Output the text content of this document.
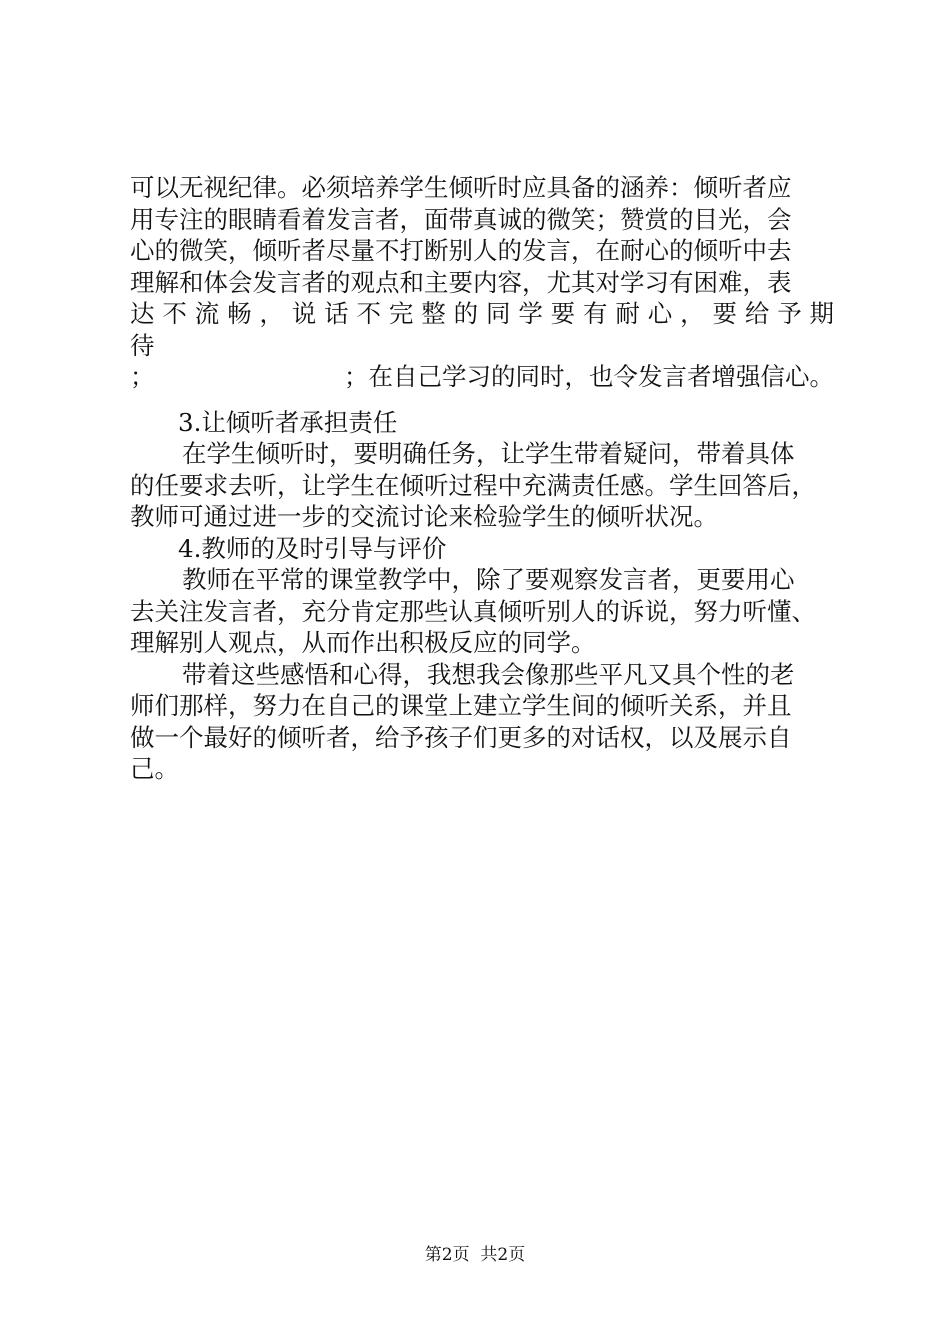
可以无视纪律。必须培养学生倾听时应具备的涵养：倾听者应
用专注的眼睛看着发言者，面带真诚的微笑；赞赏的目光，会
心的微笑，倾听者尽量不打断别人的发言，在耐心的倾听中去
理解和体会发言者的观点和主要内容，尤其对学习有困难，表
达 不 流 畅 ， 说 话 不 完 整 的 同 学 要 有 耐 心 ， 要 给 予 期 待
；	；在自己学习的同时，也令发言者增强信心。
3.让倾听者承担责任
在学生倾听时，要明确任务，让学生带着疑问，带着具体
的任要求去听，让学生在倾听过程中充满责任感。学生回答后，
教师可通过进一步的交流讨论来检验学生的倾听状况。
4.教师的及时引导与评价
教师在平常的课堂教学中，除了要观察发言者，更要用心
去关注发言者，充分肯定那些认真倾听别人的诉说，努力听懂、
理解别人观点，从而作出积极反应的同学。
带着这些感悟和心得，我想我会像那些平凡又具个性的老
师们那样，努力在自己的课堂上建立学生间的倾听关系，并且
做一个最好的倾听者，给予孩子们更多的对话权，以及展示自
己。
第2页  共2页
